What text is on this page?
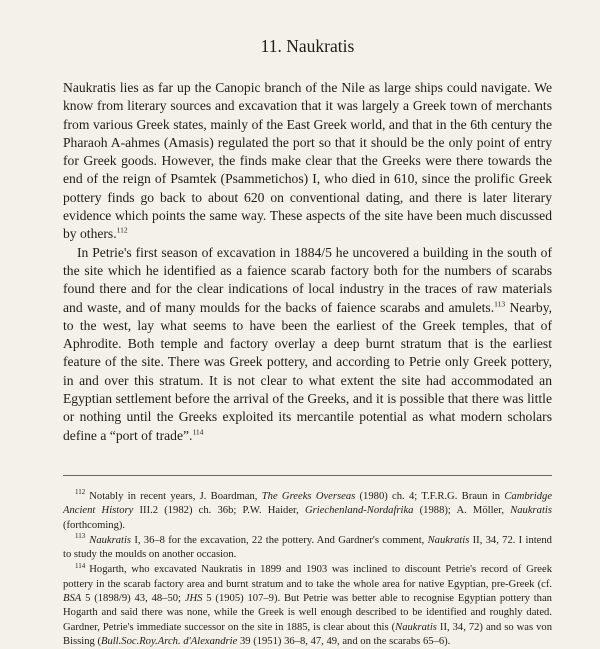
11. Naukratis

Naukratis lies as far up the Canopic branch of the Nile as large ships could navigate. We know from literary sources and excavation that it was largely a Greek town of merchants from various Greek states, mainly of the East Greek world, and that in the 6th century the Pharaoh A-ahmes (Amasis) regulated the port so that it should be the only point of entry for Greek goods. However, the finds make clear that the Greeks were there towards the end of the reign of Psamtek (Psammetichos) I, who died in 610, since the prolific Greek pottery finds go back to about 620 on conventional dating, and there is later literary evidence which points the same way. These aspects of the site have been much discussed by others.$^{112}$

In Petrie's first season of excavation in 1884/5 he uncovered a building in the south of the site which he identified as a faience scarab factory both for the numbers of scarabs found there and for the clear indications of local industry in the traces of raw materials and waste, and of many moulds for the backs of faience scarabs and amulets.$^{113}$ Nearby, to the west, lay what seems to have been the earliest of the Greek temples, that of Aphrodite. Both temple and factory overlay a deep burnt stratum that is the earliest feature of the site. There was Greek pottery, and according to Petrie only Greek pottery, in and over this stratum. It is not clear to what extent the site had accommodated an Egyptian settlement before the arrival of the Greeks, and it is possible that there was little or nothing until the Greeks exploited its mercantile potential as what modern scholars define a “port of trade”.$^{114}$

$^{112}$ Notably in recent years, J. Boardman, The Greeks Overseas (1980) ch. 4; T.F.R.G. Braun in Cambridge Ancient History III.2 (1982) ch. 36b; P.W. Haider, Griechenland-Nordafrika (1988); A. Möller, Naukratis (forthcoming).

$^{113}$ Naukratis I, 36–8 for the excavation, 22 the pottery. And Gardner's comment, Naukratis II, 34, 72. I intend to study the moulds on another occasion.

$^{114}$ Hogarth, who excavated Naukratis in 1899 and 1903 was inclined to discount Petrie's record of Greek pottery in the scarab factory area and burnt stratum and to take the whole area for native Egyptian, pre-Greek (cf. BSA 5 (1898/9) 43, 48–50; JHS 5 (1905) 107–9). But Petrie was better able to recognise Egyptian pottery than Hogarth and said there was none, while the Greek is well enough described to be identified and roughly dated. Gardner, Petrie's immediate successor on the site in 1885, is clear about this (Naukratis II, 34, 72) and so was von Bissing (Bull.Soc.Roy.Arch. d'Alexandrie 39 (1951) 36–8, 47, 49, and on the scarabs 65–6).
